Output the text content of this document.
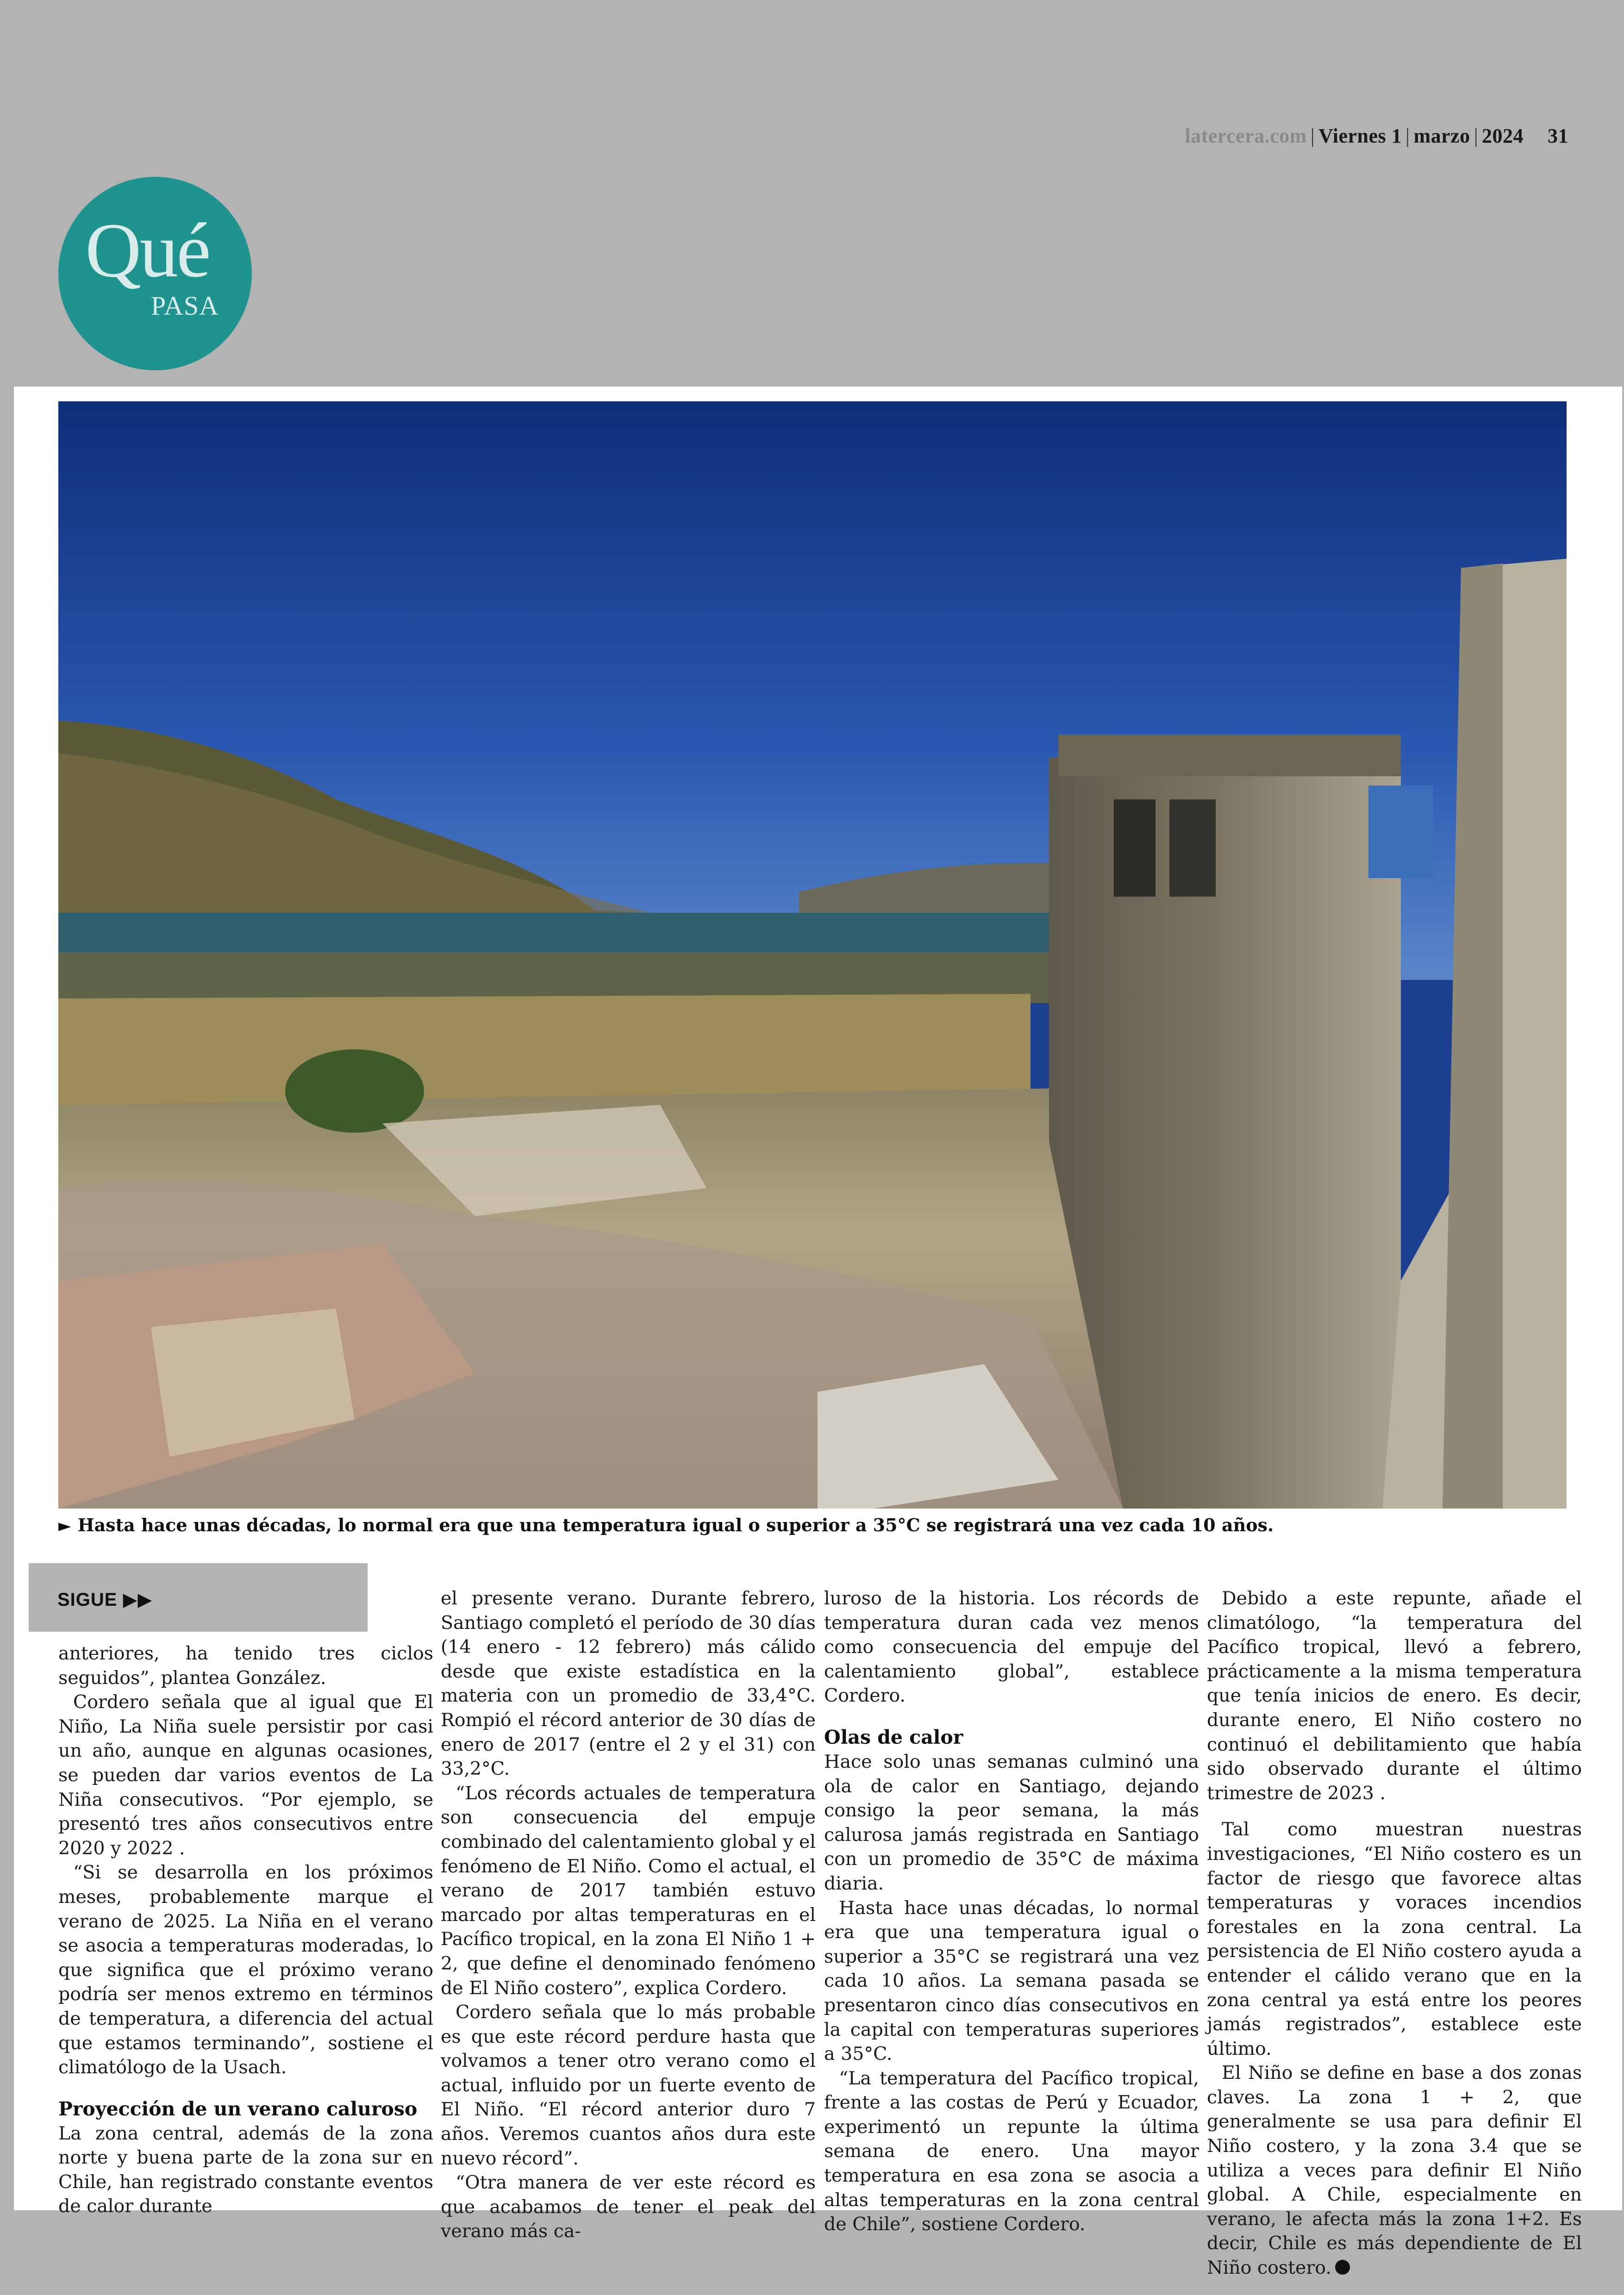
latercera.com | Viernes 1 | marzo | 2024 31
Qué
PASA
► Hasta hace unas décadas, lo normal era que una temperatura igual o superior a 35°C se registrará una vez cada 10 años.
SIGUE ▶▶

anteriores, ha tenido tres ciclos seguidos”, plantea González.

Cordero señala que al igual que El Niño, La Niña suele persistir por casi un año, aunque en algunas ocasiones, se pueden dar varios eventos de La Niña consecutivos. “Por ejemplo, se presentó tres años consecutivos entre 2020 y 2022 .

“Si se desarrolla en los próximos meses, probablemente marque el verano de 2025. La Niña en el verano se asocia a temperaturas moderadas, lo que significa que el próximo verano podría ser menos extremo en términos de temperatura, a diferencia del actual que estamos terminando”, sostiene el climatólogo de la Usach.

Proyección de un verano caluroso

La zona central, además de la zona norte y buena parte de la zona sur en Chile, han registrado constante eventos de calor durante

el presente verano. Durante febrero, Santiago completó el período de 30 días (14 enero - 12 febrero) más cálido desde que existe estadística en la materia con un promedio de 33,4°C. Rompió el récord anterior de 30 días de enero de 2017 (entre el 2 y el 31) con 33,2°C.

“Los récords actuales de temperatura son consecuencia del empuje combinado del calentamiento global y el fenómeno de El Niño. Como el actual, el verano de 2017 también estuvo marcado por altas temperaturas en el Pacífico tropical, en la zona El Niño 1 + 2, que define el denominado fenómeno de El Niño costero”, explica Cordero.

Cordero señala que lo más probable es que este récord perdure hasta que volvamos a tener otro verano como el actual, influido por un fuerte evento de El Niño. “El récord anterior duro 7 años. Veremos cuantos años dura este nuevo récord”.

“Otra manera de ver este récord es que acabamos de tener el peak del verano más ca-

luroso de la historia. Los récords de temperatura duran cada vez menos como consecuencia del empuje del calentamiento global”, establece Cordero.

Olas de calor

Hace solo unas semanas culminó una ola de calor en Santiago, dejando consigo la peor semana, la más calurosa jamás registrada en Santiago con un promedio de 35°C de máxima diaria.

Hasta hace unas décadas, lo normal era que una temperatura igual o superior a 35°C se registrará una vez cada 10 años. La semana pasada se presentaron cinco días consecutivos en la capital con temperaturas superiores a 35°C.

“La temperatura del Pacífico tropical, frente a las costas de Perú y Ecuador, experimentó un repunte la última semana de enero. Una mayor temperatura en esa zona se asocia a altas temperaturas en la zona central de Chile”, sostiene Cordero.

Debido a este repunte, añade el climatólogo, “la temperatura del Pacífico tropical, llevó a febrero, prácticamente a la misma temperatura que tenía inicios de enero. Es decir, durante enero, El Niño costero no continuó el debilitamiento que había sido observado durante el último trimestre de 2023 .

Tal como muestran nuestras investigaciones, “El Niño costero es un factor de riesgo que favorece altas temperaturas y voraces incendios forestales en la zona central. La persistencia de El Niño costero ayuda a entender el cálido verano que en la zona central ya está entre los peores jamás registrados”, establece este último.

El Niño se define en base a dos zonas claves. La zona 1 + 2, que generalmente se usa para definir El Niño costero, y la zona 3.4 que se utiliza a veces para definir El Niño global. A Chile, especialmente en verano, le afecta más la zona 1+2. Es decir, Chile es más dependiente de El Niño costero.
